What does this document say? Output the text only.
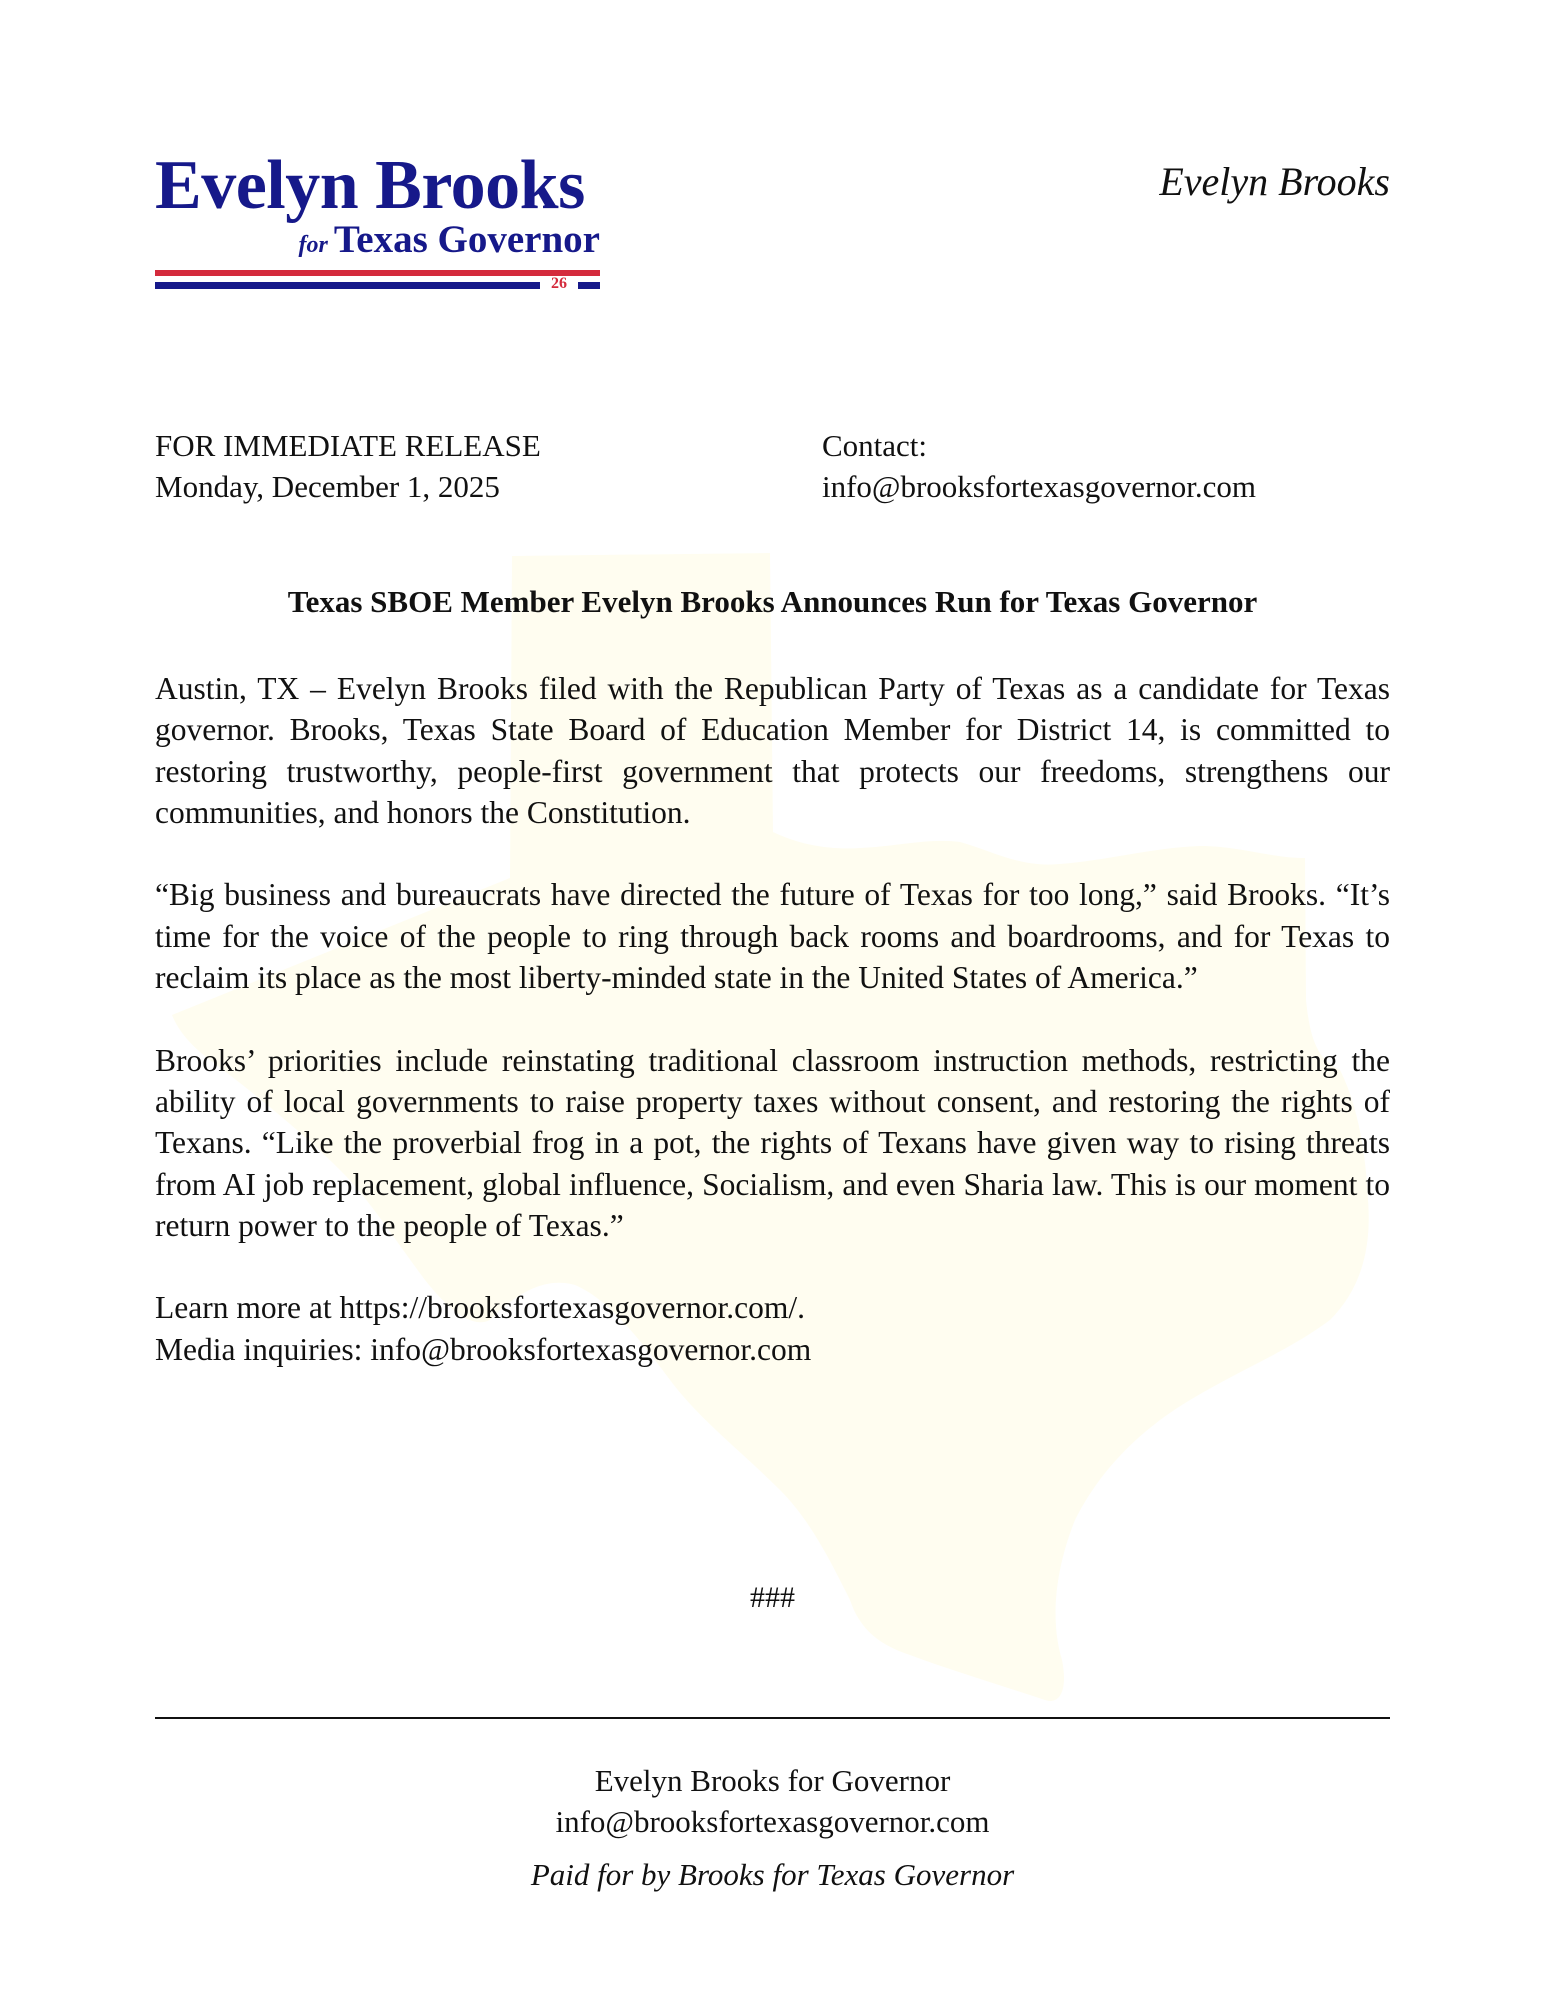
Evelyn Brooks
for Texas Governor
26
Evelyn Brooks
FOR IMMEDIATE RELEASE
Monday, December 1, 2025
Contact:
info@brooksfortexasgovernor.com
Texas SBOE Member Evelyn Brooks Announces Run for Texas Governor

Austin, TX – Evelyn Brooks filed with the Republican Party of Texas as a candidate for Texas governor. Brooks, Texas State Board of Education Member for District 14, is committed to restoring trustworthy, people-first government that protects our freedoms, strengthens our communities, and honors the Constitution.

“Big business and bureaucrats have directed the future of Texas for too long,” said Brooks. “It’s time for the voice of the people to ring through back rooms and boardrooms, and for Texas to reclaim its place as the most liberty-minded state in the United States of America.”

Brooks’ priorities include reinstating traditional classroom instruction methods, restricting the ability of local governments to raise property taxes without consent, and restoring the rights of Texans. “Like the proverbial frog in a pot, the rights of Texans have given way to rising threats from AI job replacement, global influence, Socialism, and even Sharia law. This is our moment to return power to the people of Texas.”

Learn more at https://brooksfortexasgovernor.com/.

Media inquiries: info@brooksfortexasgovernor.com

###
Evelyn Brooks for Governor
info@brooksfortexasgovernor.com
Paid for by Brooks for Texas Governor
